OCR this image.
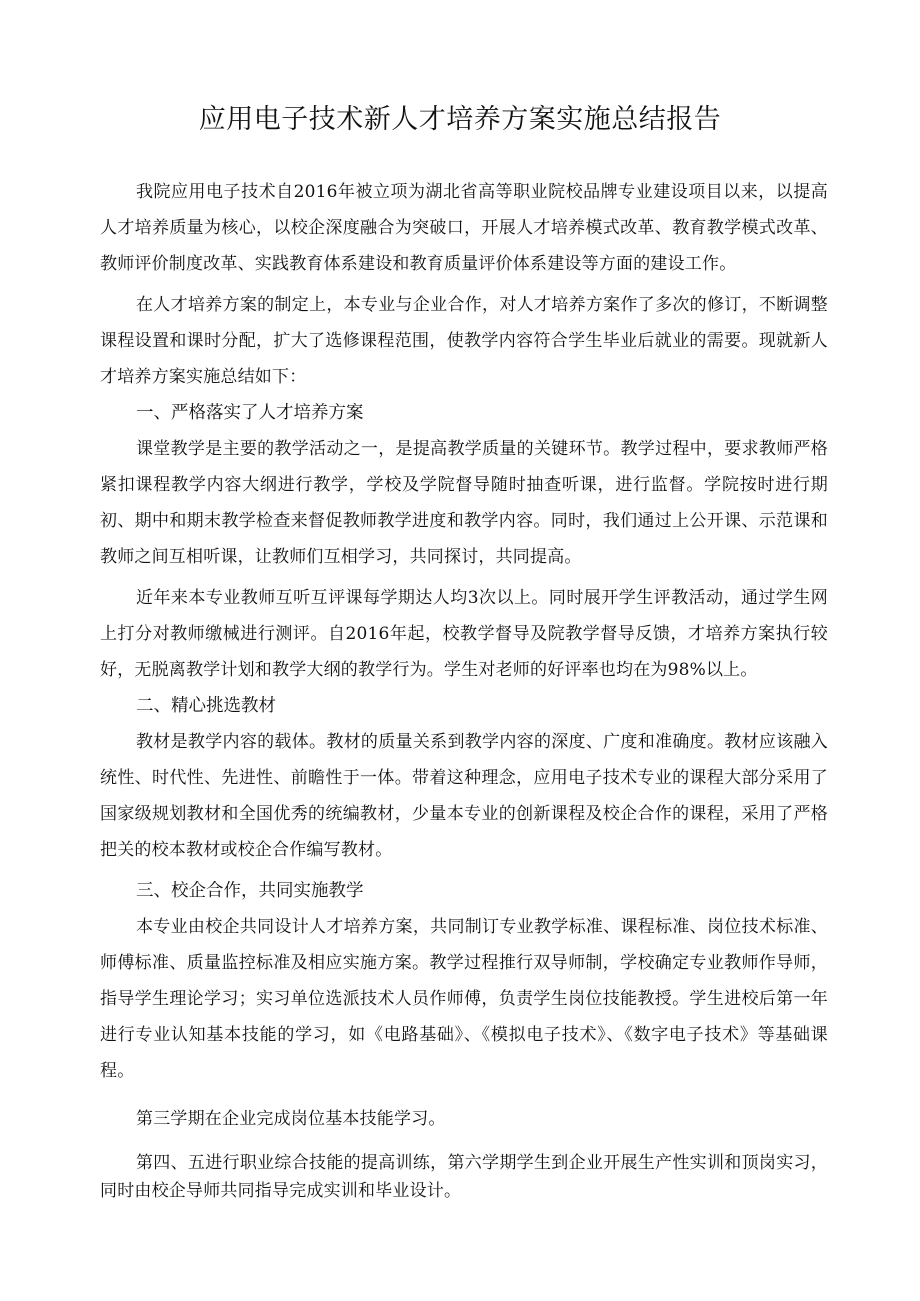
应用电子技术新人才培养方案实施总结报告

我院应用电子技术自2016年被立项为湖北省高等职业院校品牌专业建设项目以来，以提高人才培养质量为核心，以校企深度融合为突破口，开展人才培养模式改革、教育教学模式改革、教师评价制度改革、实践教育体系建设和教育质量评价体系建设等方面的建设工作。

在人才培养方案的制定上，本专业与企业合作，对人才培养方案作了多次的修订，不断调整课程设置和课时分配，扩大了选修课程范围，使教学内容符合学生毕业后就业的需要。现就新人才培养方案实施总结如下：

一、严格落实了人才培养方案

课堂教学是主要的教学活动之一，是提高教学质量的关键环节。教学过程中，要求教师严格紧扣课程教学内容大纲进行教学，学校及学院督导随时抽查听课，进行监督。学院按时进行期初、期中和期末教学检查来督促教师教学进度和教学内容。同时，我们通过上公开课、示范课和教师之间互相听课，让教师们互相学习，共同探讨，共同提高。

近年来本专业教师互听互评课每学期达人均3次以上。同时展开学生评教活动，通过学生网上打分对教师缴械进行测评。自2016年起，校教学督导及院教学督导反馈，才培养方案执行较好，无脱离教学计划和教学大纲的教学行为。学生对老师的好评率也均在为98%以上。

二、精心挑选教材

教材是教学内容的载体。教材的质量关系到教学内容的深度、广度和准确度。教材应该融入统性、时代性、先进性、前瞻性于一体。带着这种理念，应用电子技术专业的课程大部分采用了国家级规划教材和全国优秀的统编教材，少量本专业的创新课程及校企合作的课程，采用了严格把关的校本教材或校企合作编写教材。

三、校企合作，共同实施教学

本专业由校企共同设计人才培养方案，共同制订专业教学标准、课程标准、岗位技术标准、师傅标准、质量监控标准及相应实施方案。教学过程推行双导师制，学校确定专业教师作导师，指导学生理论学习；实习单位选派技术人员作师傅，负责学生岗位技能教授。学生进校后第一年进行专业认知基本技能的学习，如《电路基础》、《模拟电子技术》、《数字电子技术》等基础课程。

第三学期在企业完成岗位基本技能学习。

第四、五进行职业综合技能的提高训练，第六学期学生到企业开展生产性实训和顶岗实习，同时由校企导师共同指导完成实训和毕业设计。
